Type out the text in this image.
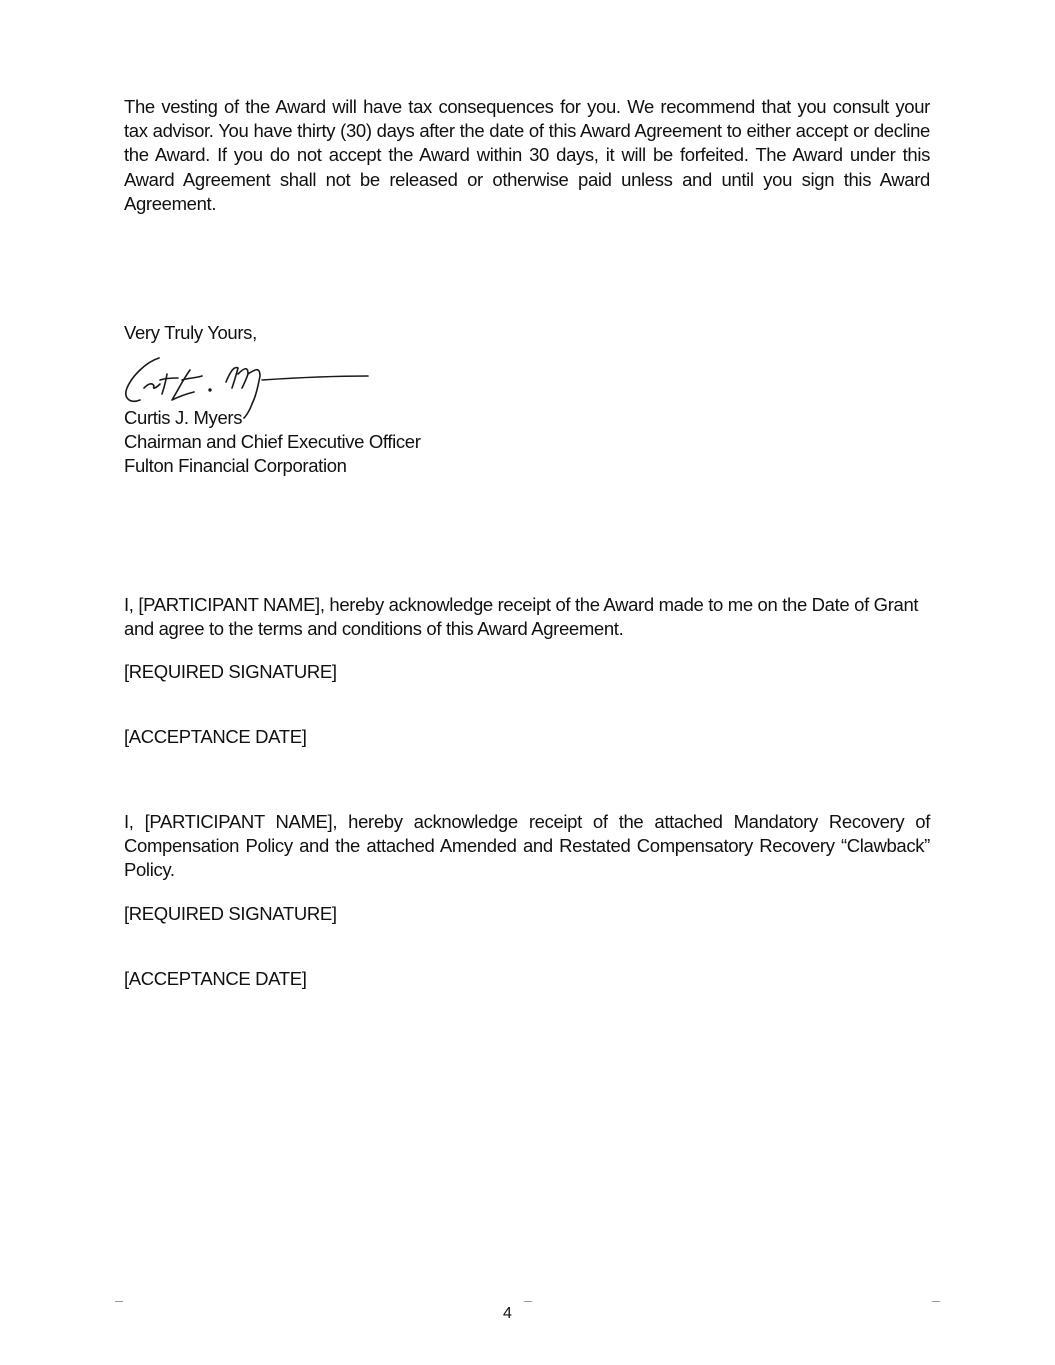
The vesting of the Award will have tax consequences for you. We recommend that you consult your tax advisor. You have thirty (30) days after the date of this Award Agreement to either accept or decline the Award. If you do not accept the Award within 30 days, it will be forfeited. The Award under this Award Agreement shall not be released or otherwise paid unless and until you sign this Award Agreement.
Very Truly Yours,
Curtis J. Myers
Chairman and Chief Executive Officer
Fulton Financial Corporation
I, [PARTICIPANT NAME], hereby acknowledge receipt of the Award made to me on the Date of Grant and agree to the terms and conditions of this Award Agreement.
[REQUIRED SIGNATURE]
[ACCEPTANCE DATE]
I, [PARTICIPANT NAME], hereby acknowledge receipt of the attached Mandatory Recovery of Compensation Policy and the attached Amended and Restated Compensatory Recovery “Clawback” Policy.
[REQUIRED SIGNATURE]
[ACCEPTANCE DATE]
4
